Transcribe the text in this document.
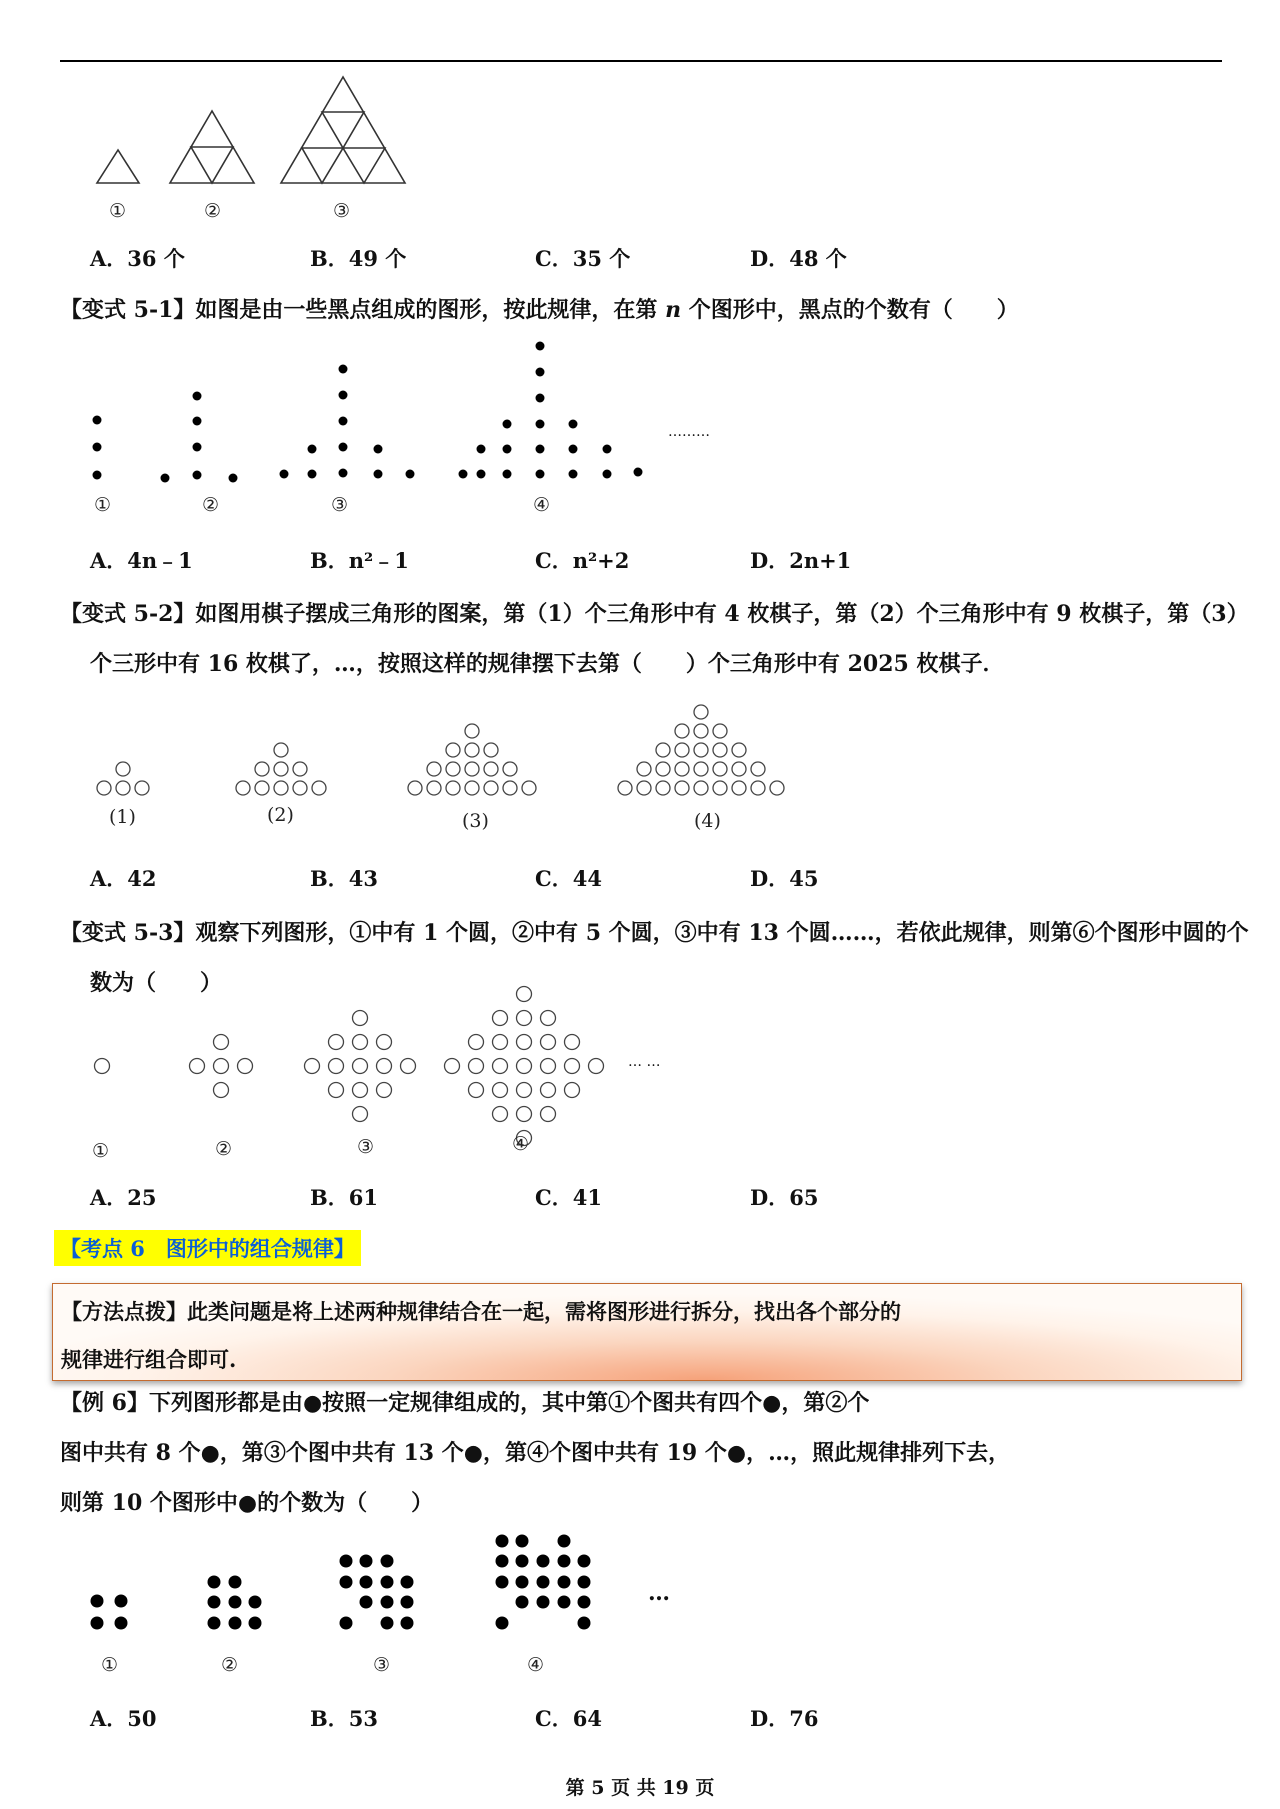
①	②	③
A．36 个	B．49 个	C．35 个	D．48 个
【变式 5-1】如图是由一些黑点组成的图形，按此规律，在第 n 个图形中，黑点的个数有（　　）
………
①	②	③	④
A．4n﹣1	B．n²﹣1	C．n²+2	D．2n+1
【变式 5-2】如图用棋子摆成三角形的图案，第（1）个三角形中有 4 枚棋子，第（2）个三角形中有 9 枚棋子，第（3）
个三形中有 16 枚棋了，…，按照这样的规律摆下去第（　　）个三角形中有 2025 枚棋子．
(1)	(2)	(3)	(4)
A．42	B．43	C．44	D．45
【变式 5-3】观察下列图形，①中有 1 个圆，②中有 5 个圆，③中有 13 个圆……，若依此规律，则第⑥个图形中圆的个
数为（　　）
… …
①	②	③	④
A．25	B．61	C．41	D．65
【考点 6　图形中的组合规律】

【方法点拨】此类问题是将上述两种规律结合在一起，需将图形进行拆分，找出各个部分的

规律进行组合即可.

【例 6】下列图形都是由●按照一定规律组成的，其中第①个图共有四个●，第②个
图中共有 8 个●，第③个图中共有 13 个●，第④个图中共有 19 个●，…，照此规律排列下去，
则第 10 个图形中●的个数为（　　）
…
①	②	③	④
A．50	B．53	C．64	D．76
第 5 页 共 19 页
